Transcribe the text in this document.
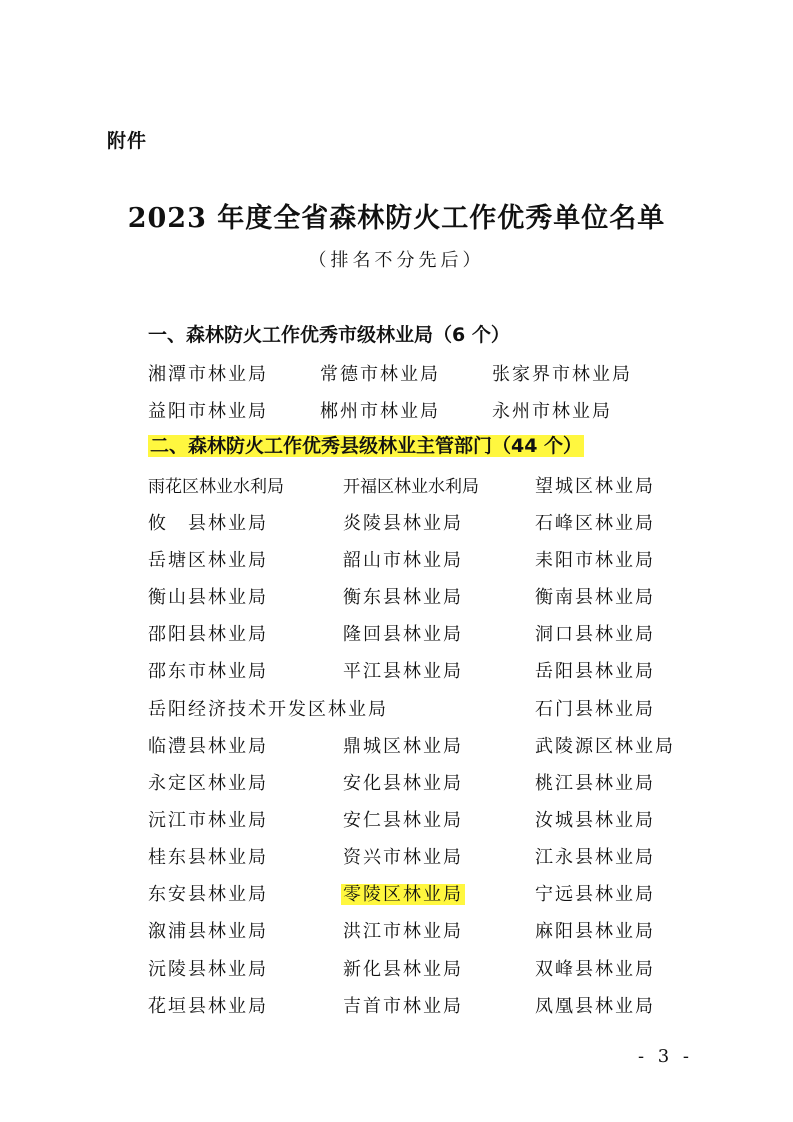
附件
2023 年度全省森林防火工作优秀单位名单
（排名不分先后）
一、森林防火工作优秀市级林业局（6 个）
湘潭市林业局	常德市林业局	张家界市林业局
益阳市林业局	郴州市林业局	永州市林业局
二、森林防火工作优秀县级林业主管部门（44 个）
雨花区林业水利局	开福区林业水利局	望城区林业局
攸　县林业局	炎陵县林业局	石峰区林业局
岳塘区林业局	韶山市林业局	耒阳市林业局
衡山县林业局	衡东县林业局	衡南县林业局
邵阳县林业局	隆回县林业局	洞口县林业局
邵东市林业局	平江县林业局	岳阳县林业局
岳阳经济技术开发区林业局	石门县林业局
临澧县林业局	鼎城区林业局	武陵源区林业局
永定区林业局	安化县林业局	桃江县林业局
沅江市林业局	安仁县林业局	汝城县林业局
桂东县林业局	资兴市林业局	江永县林业局
东安县林业局	零陵区林业局	宁远县林业局
溆浦县林业局	洪江市林业局	麻阳县林业局
沅陵县林业局	新化县林业局	双峰县林业局
花垣县林业局	吉首市林业局	凤凰县林业局
- 3 -
